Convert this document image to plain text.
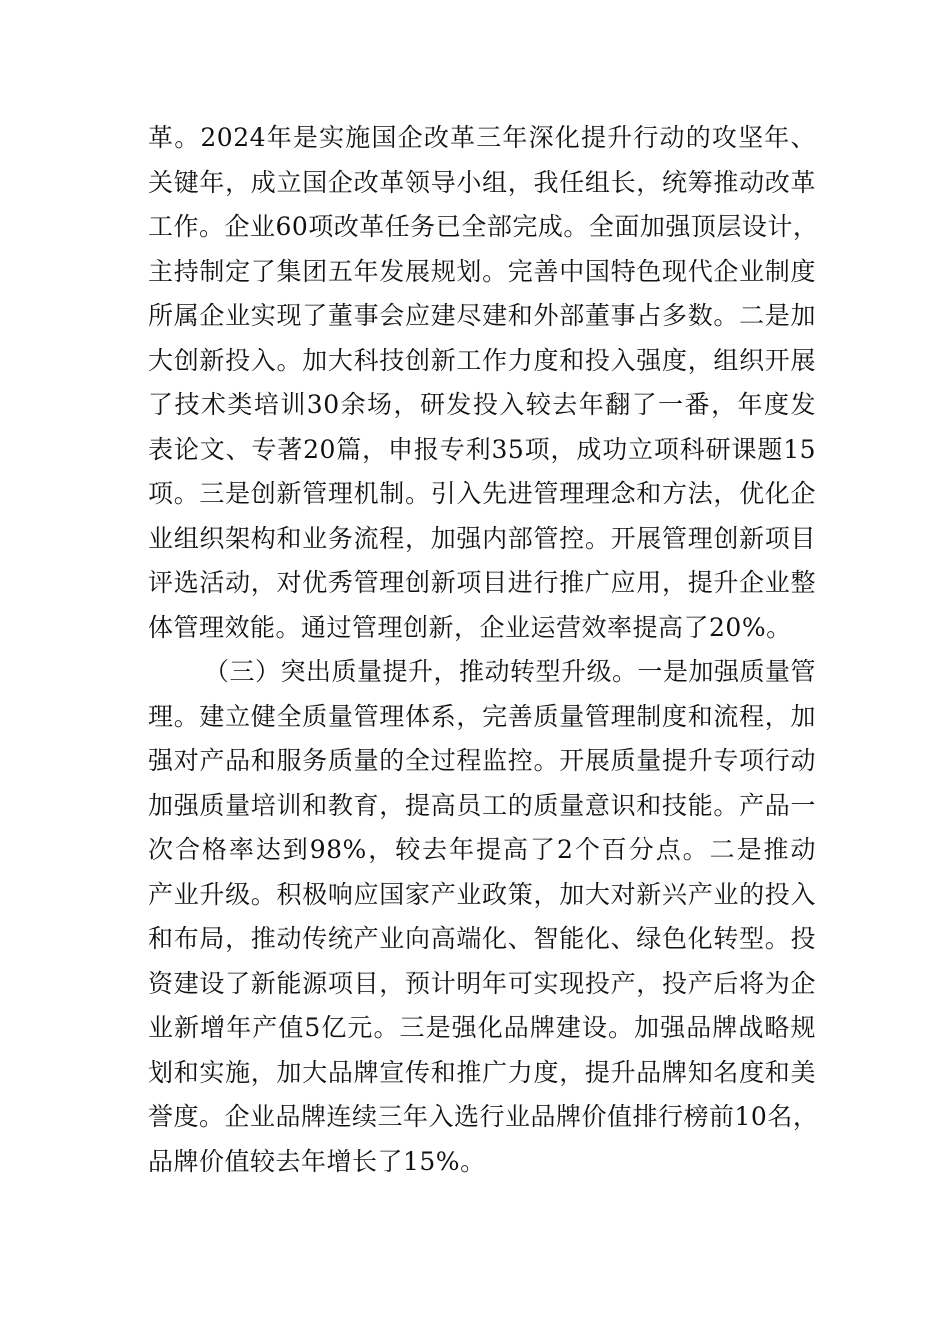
革。2024年是实施国企改革三年深化提升行动的攻坚年、
关键年，成立国企改革领导小组，我任组长，统筹推动改革
工作。企业60项改革任务已全部完成。全面加强顶层设计，
主持制定了集团五年发展规划。完善中国特色现代企业制度
所属企业实现了董事会应建尽建和外部董事占多数。二是加
大创新投入。加大科技创新工作力度和投入强度，组织开展
了技术类培训30余场，研发投入较去年翻了一番，年度发
表论文、专著20篇，申报专利35项，成功立项科研课题15
项。三是创新管理机制。引入先进管理理念和方法，优化企
业组织架构和业务流程，加强内部管控。开展管理创新项目
评选活动，对优秀管理创新项目进行推广应用，提升企业整
体管理效能。通过管理创新，企业运营效率提高了20%。
（三）突出质量提升，推动转型升级。一是加强质量管
理。建立健全质量管理体系，完善质量管理制度和流程，加
强对产品和服务质量的全过程监控。开展质量提升专项行动
加强质量培训和教育，提高员工的质量意识和技能。产品一
次合格率达到98%，较去年提高了2个百分点。二是推动
产业升级。积极响应国家产业政策，加大对新兴产业的投入
和布局，推动传统产业向高端化、智能化、绿色化转型。投
资建设了新能源项目，预计明年可实现投产，投产后将为企
业新增年产值5亿元。三是强化品牌建设。加强品牌战略规
划和实施，加大品牌宣传和推广力度，提升品牌知名度和美
誉度。企业品牌连续三年入选行业品牌价值排行榜前10名，
品牌价值较去年增长了15%。
